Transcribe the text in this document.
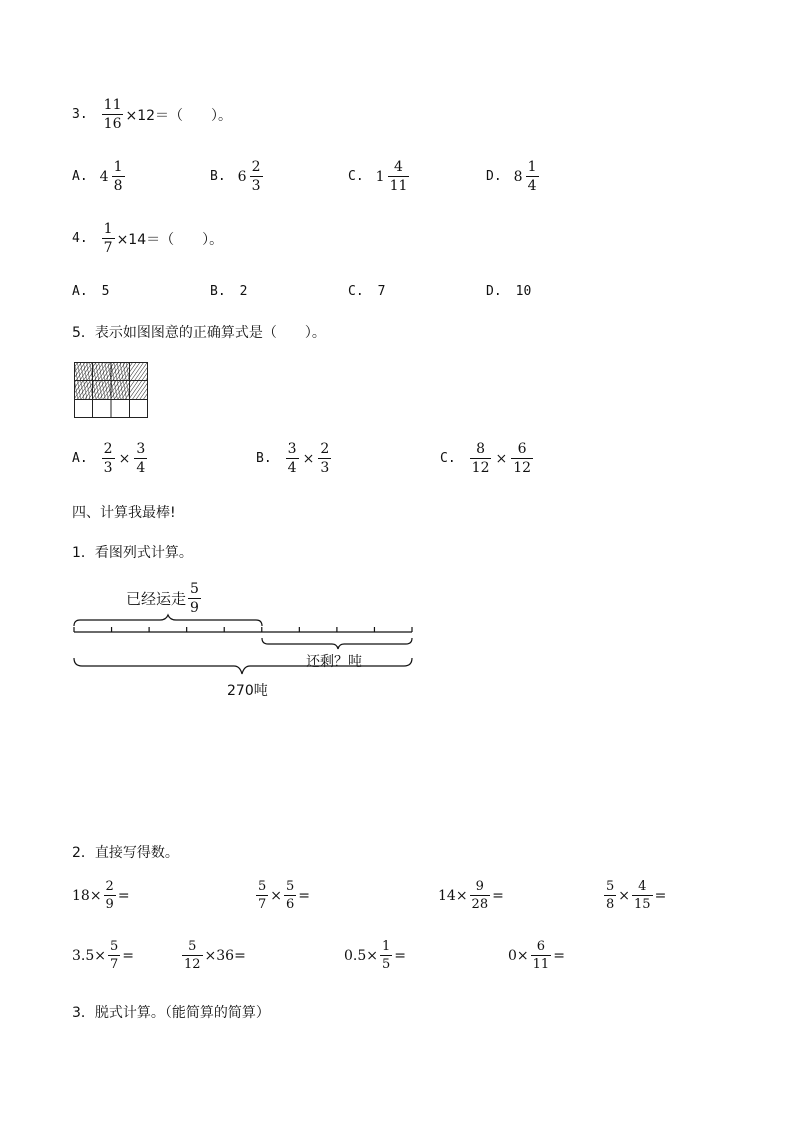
3. $\frac{11}{16} \times 12=$（　　）。
A. $4 \frac{1}{8}$	B. $6 \frac{2}{3}$	C. $1 \frac{4}{11}$	D. $8 \frac{1}{4}$
4. $\frac{1}{7} \times 14=$（　　）。
A. 5	B. 2	C. 7	D. 10
5．表示如图图意的正确算式是（　　）。
A. $\frac{2}{3} \times \frac{3}{4}$	B. $\frac{3}{4} \times \frac{2}{3}$	C. $\frac{8}{12} \times \frac{6}{12}$
四、计算我最棒!
1．看图列式计算。
已经运走 $\frac{5}{9}$
还剩？吨
270吨
2．直接写得数。
$18\times \frac{2}{9}$ =	$\frac{5}{7} \times \frac{5}{6}$ =	$14\times \frac{9}{28}$ =	$\frac{5}{8} \times \frac{4}{15}$ =
$3.5\times \frac{5}{7}$ =	$\frac{5}{12} \times 36=$	$0.5\times \frac{1}{5}$ =	$0\times \frac{6}{11}$ =
3．脱式计算。（能简算的简算）
